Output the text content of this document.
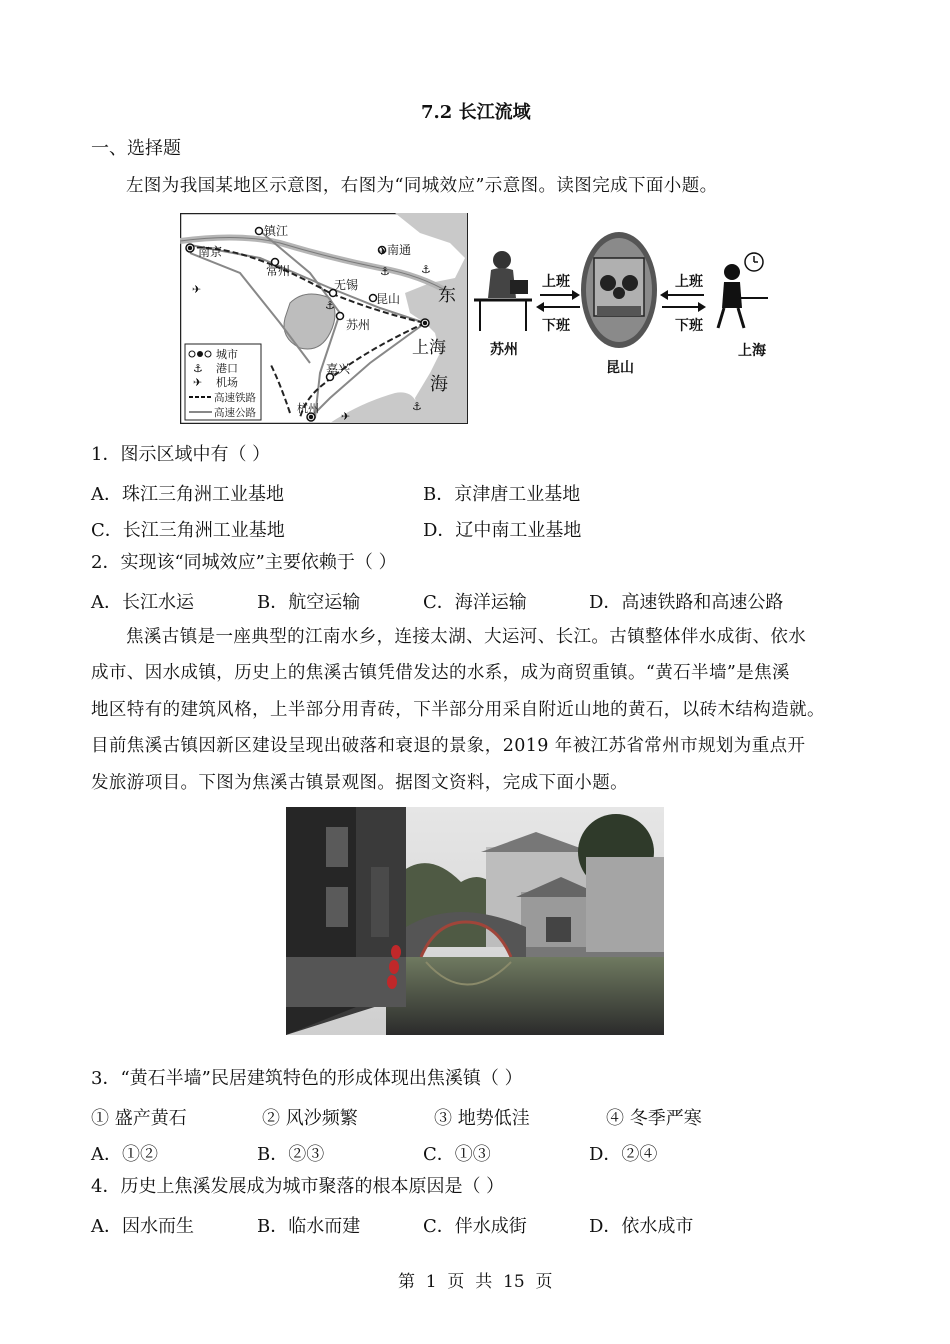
7.2 长江流域
一、选择题
左图为我国某地区示意图，右图为“同城效应”示意图。读图完成下面小题。
南京
镇江
常州
无锡
苏州
昆山
南通
嘉兴
杭州
上海
东
海
⚓
⚓
⚓
⚓
✈
✈
✈
城市
⚓ 港口
✈ 机场
高速铁路
高速公路
苏州
上班
下班
昆山
上班
下班
上海
1．图示区域中有（ ）
A．珠江三角洲工业基地	B．京津唐工业基地
C．长江三角洲工业基地	D．辽中南工业基地
2．实现该“同城效应”主要依赖于（ ）
A．长江水运	B．航空运输	C．海洋运输	D．高速铁路和高速公路
焦溪古镇是一座典型的江南水乡，连接太湖、大运河、长江。古镇整体伴水成街、依水
成市、因水成镇，历史上的焦溪古镇凭借发达的水系，成为商贸重镇。“黄石半墙”是焦溪
地区特有的建筑风格，上半部分用青砖，下半部分用采自附近山地的黄石，以砖木结构造就。
目前焦溪古镇因新区建设呈现出破落和衰退的景象，2019 年被江苏省常州市规划为重点开
发旅游项目。下图为焦溪古镇景观图。据图文资料，完成下面小题。
3．“黄石半墙”民居建筑特色的形成体现出焦溪镇（ ）
① 盛产黄石	② 风沙频繁	③ 地势低洼	④ 冬季严寒
A．①②	B．②③	C．①③	D．②④
4．历史上焦溪发展成为城市聚落的根本原因是（ ）
A．因水而生	B．临水而建	C．伴水成街	D．依水成市
第  1  页  共  15  页
